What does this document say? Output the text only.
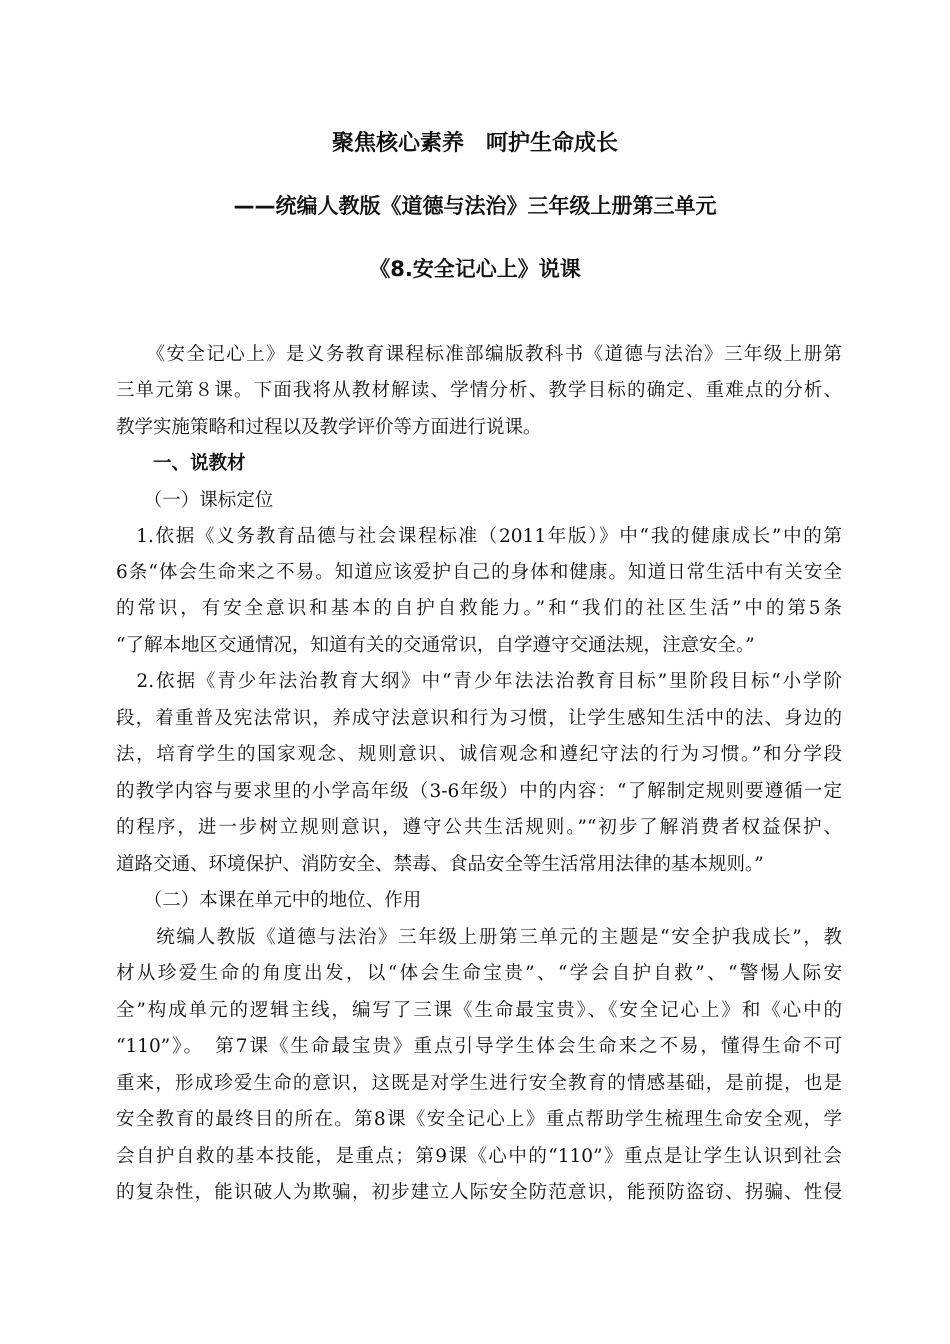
聚焦核心素养　呵护生命成长
——统编人教版《道德与法治》三年级上册第三单元
《8.安全记心上》说课
　　《安全记心上》是义务教育课程标准部编版教科书《道德与法治》三年级上册第
三单元第８课。下面我将从教材解读、学情分析、教学目标的确定、重难点的分析、
教学实施策略和过程以及教学评价等方面进行说课。
　　一、说教材
　　（一）课标定位
　1.依据《义务教育品德与社会课程标准（2011年版）》中“我的健康成长”中的第
6条“体会生命来之不易。知道应该爱护自己的身体和健康。知道日常生活中有关安全
的常识，有安全意识和基本的自护自救能力。”和“我们的社区生活”中的第5条
“了解本地区交通情况，知道有关的交通常识，自学遵守交通法规，注意安全。”
　2.依据《青少年法治教育大纲》中“青少年法法治教育目标”里阶段目标“小学阶
段，着重普及宪法常识，养成守法意识和行为习惯，让学生感知生活中的法、身边的
法，培育学生的国家观念、规则意识、诚信观念和遵纪守法的行为习惯。”和分学段
的教学内容与要求里的小学高年级（3-6年级）中的内容：“了解制定规则要遵循一定
的程序，进一步树立规则意识，遵守公共生活规则。”“初步了解消费者权益保护、
道路交通、环境保护、消防安全、禁毒、食品安全等生活常用法律的基本规则。”
　　（二）本课在单元中的地位、作用
　　统编人教版《道德与法治》三年级上册第三单元的主题是“安全护我成长”，教
材从珍爱生命的角度出发，以“体会生命宝贵”、“学会自护自救”、“警惕人际安
全”构成单元的逻辑主线，编写了三课《生命最宝贵》、《安全记心上》和《心中的
“110”》。　第7课《生命最宝贵》重点引导学生体会生命来之不易，懂得生命不可
重来，形成珍爱生命的意识，这既是对学生进行安全教育的情感基础，是前提，也是
安全教育的最终目的所在。第8课《安全记心上》重点帮助学生梳理生命安全观，学
会自护自救的基本技能，是重点；第9课《心中的“110”》重点是让学生认识到社会
的复杂性，能识破人为欺骗，初步建立人际安全防范意识，能预防盗窃、拐骗、性侵
